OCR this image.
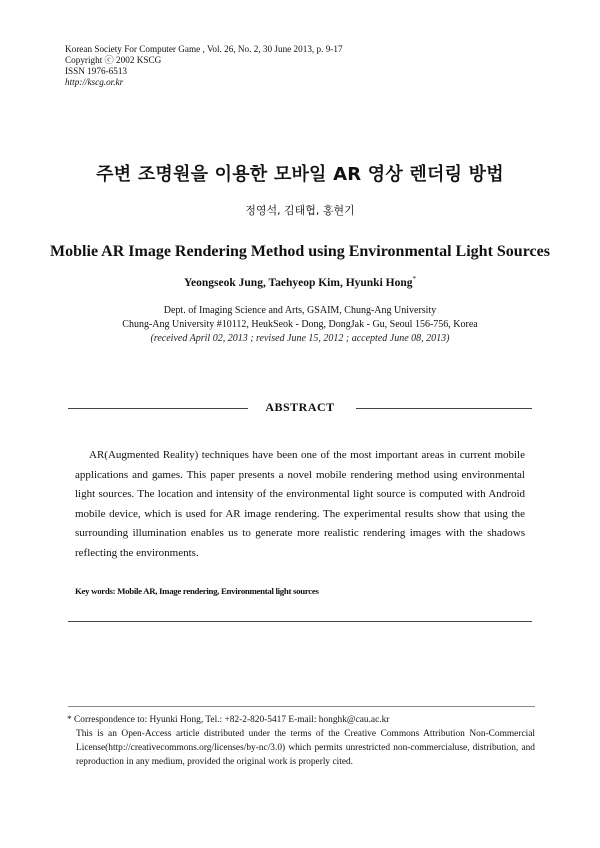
Korean Society For Computer Game , Vol. 26, No. 2, 30 June 2013, p. 9-17
Copyright ⓒ 2002 KSCG
ISSN 1976-6513
http://kscg.or.kr
주변 조명원을 이용한 모바일 AR 영상 렌더링 방법
정영석, 김태협, 홍현기
Moblie AR Image Rendering Method using Environmental Light Sources
Yeongseok Jung, Taehyeop Kim, Hyunki Hong*
Dept. of Imaging Science and Arts, GSAIM, Chung-Ang University
Chung-Ang University #10112, HeukSeok - Dong, DongJak - Gu, Seoul 156-756, Korea
(received April 02, 2013 ; revised June 15, 2012 ; accepted June 08, 2013)
ABSTRACT
AR(Augmented Reality) techniques have been one of the most important areas in current mobile applications and games. This paper presents a novel mobile rendering method using environmental light sources. The location and intensity of the environmental light source is computed with Android mobile device, which is used for AR image rendering. The experimental results show that using the surrounding illumination enables us to generate more realistic rendering images with the shadows reflecting the environments.
Key words: Mobile AR, Image rendering, Environmental light sources
* Correspondence to: Hyunki Hong, Tel.: +82-2-820-5417 E-mail: honghk@cau.ac.kr
This is an Open-Access article distributed under the terms of the Creative Commons Attribution Non-Commercial License(http://creativecommons.org/licenses/by-nc/3.0) which permits unrestricted non-commercialuse, distribution, and reproduction in any medium, provided the original work is properly cited.
